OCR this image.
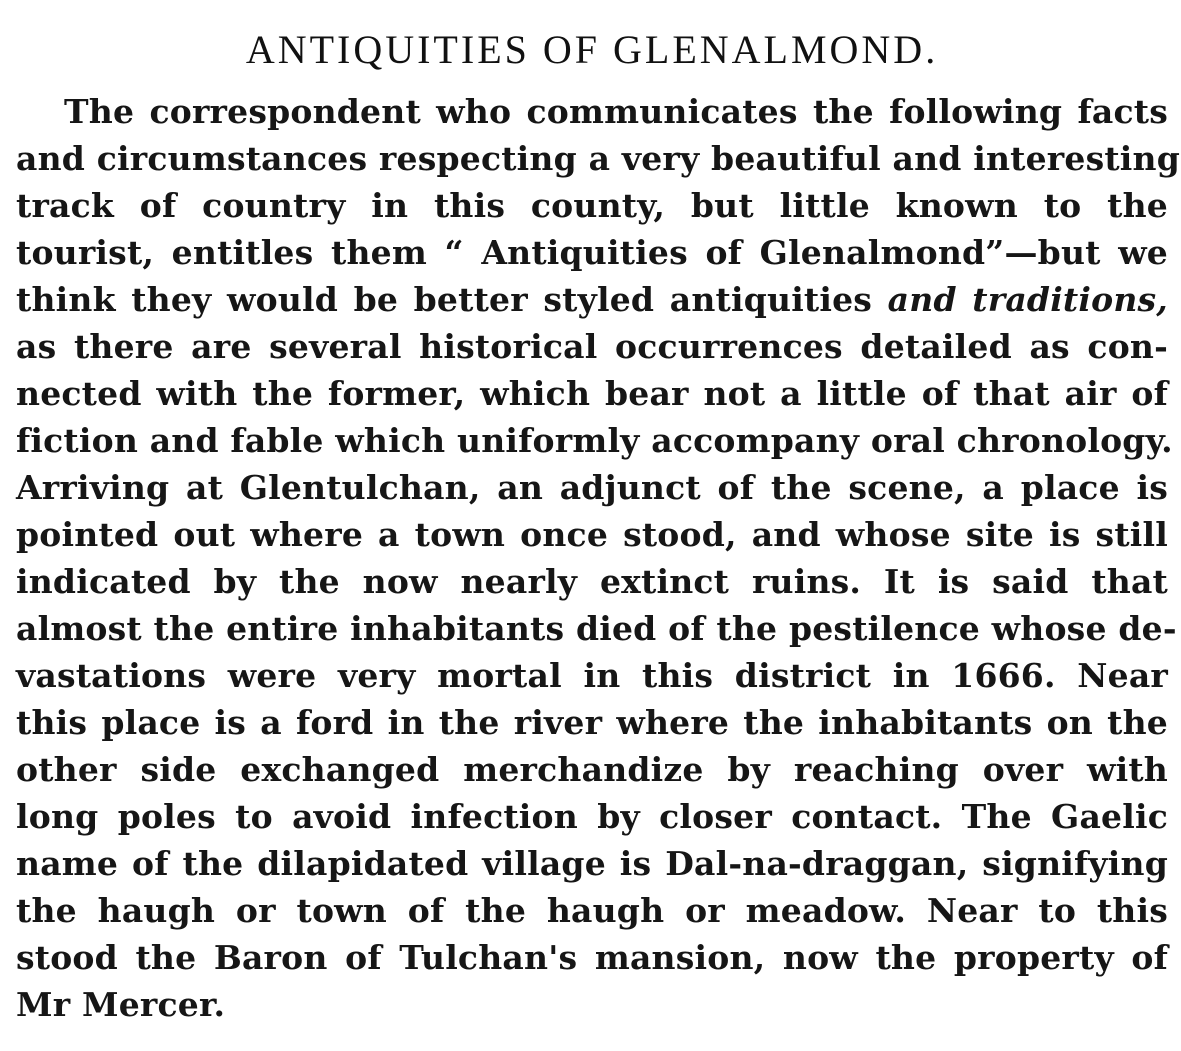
ANTIQUITIES OF GLENALMOND.
The correspondent who communicates the following facts
and circumstances respecting a very beautiful and interesting
track of country in this county, but little known to the
tourist, entitles them “ Antiquities of Glenalmond”—but we
think they would be better styled antiquities and traditions,
as there are several historical occurrences detailed as con-
nected with the former, which bear not a little of that air of
fiction and fable which uniformly accompany oral chronology.
Arriving at Glentulchan, an adjunct of the scene, a place is
pointed out where a town once stood, and whose site is still
indicated by the now nearly extinct ruins. It is said that
almost the entire inhabitants died of the pestilence whose de-
vastations were very mortal in this district in 1666. Near
this place is a ford in the river where the inhabitants on the
other side exchanged merchandize by reaching over with
long poles to avoid infection by closer contact. The Gaelic
name of the dilapidated village is Dal-na-draggan, signifying
the haugh or town of the haugh or meadow. Near to this
stood the Baron of Tulchan's mansion, now the property of
Mr Mercer.
